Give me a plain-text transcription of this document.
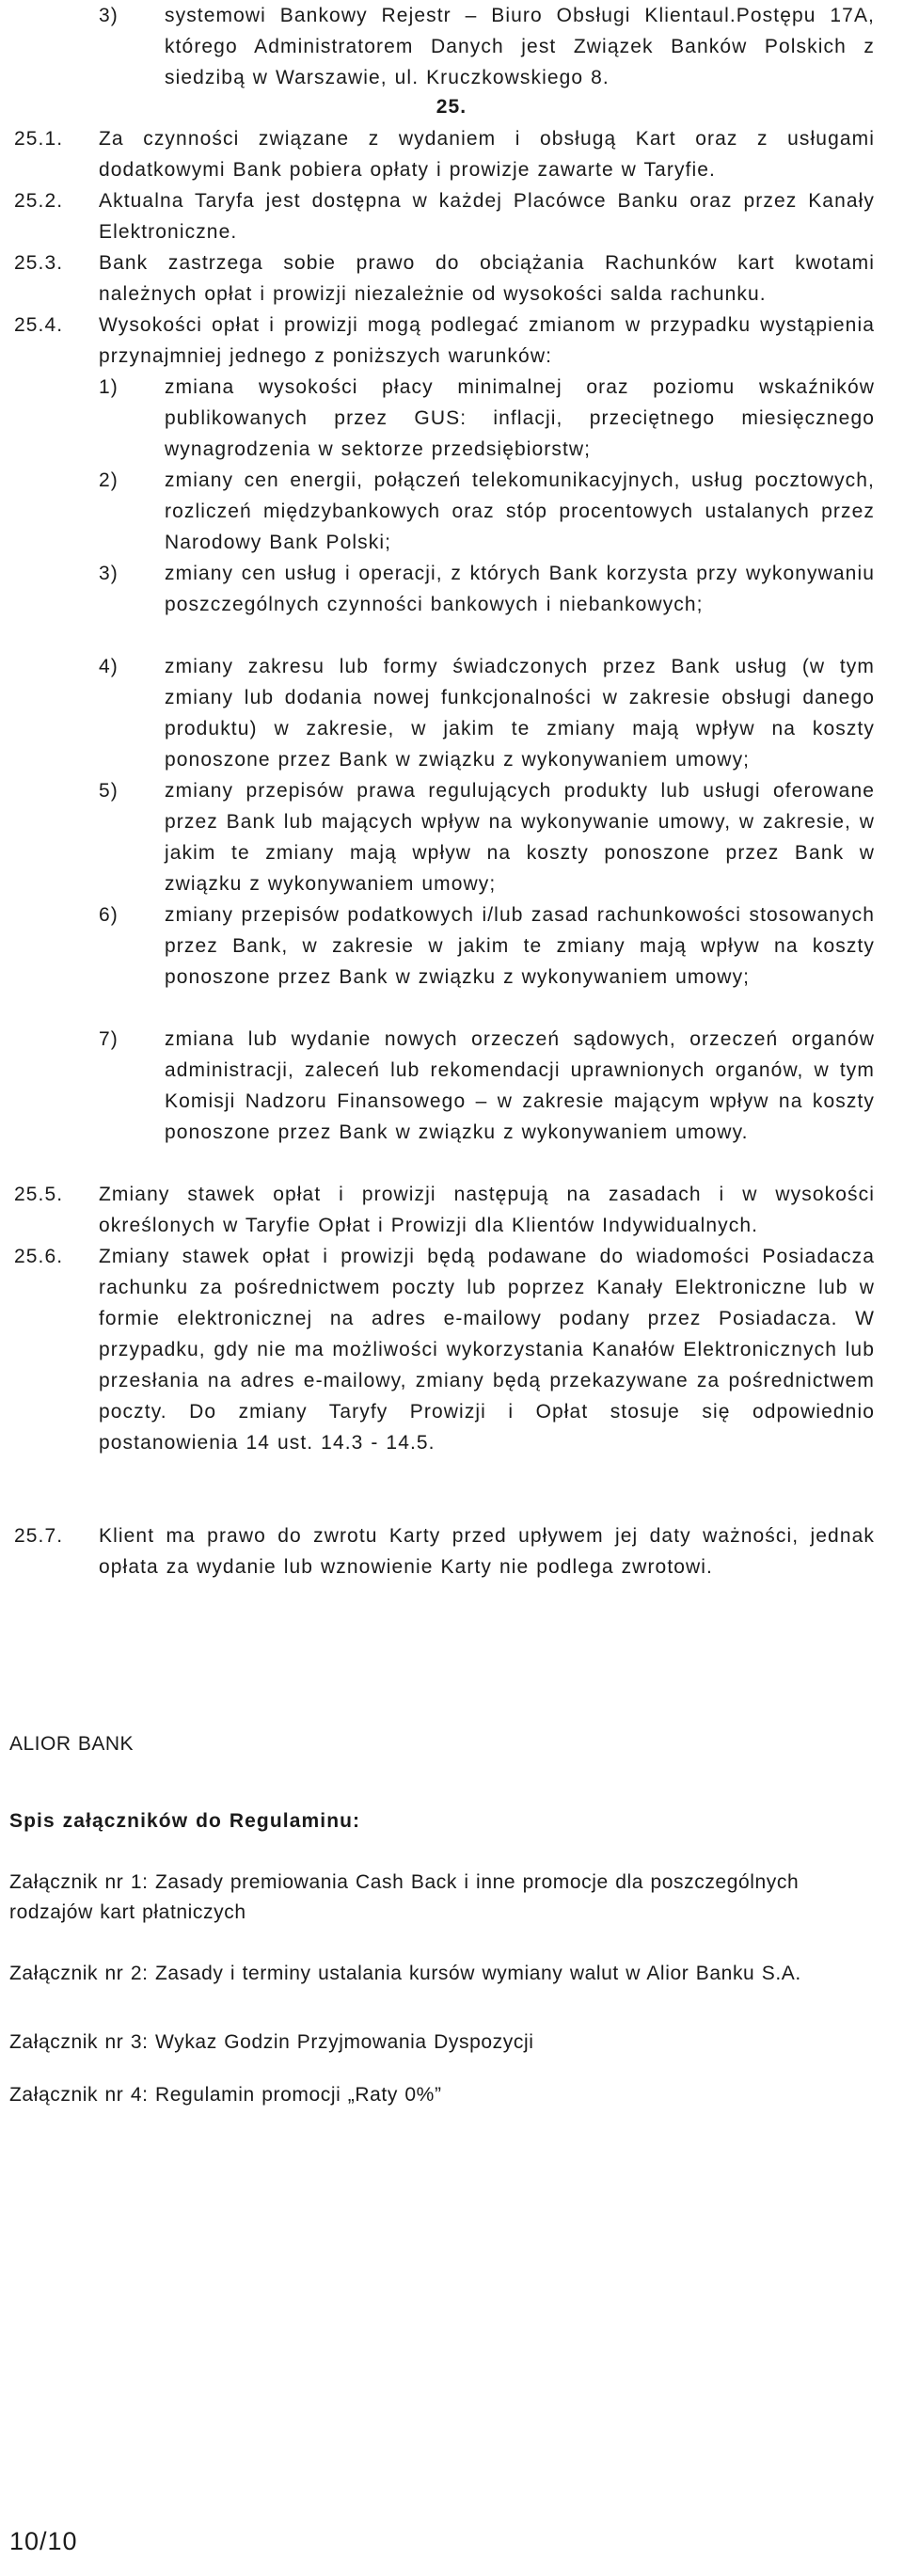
3)	systemowi Bankowy Rejestr – Biuro Obsługi Klientaul.Postępu 17A, którego Administratorem Danych jest Związek Banków Polskich z siedzibą w Warszawie, ul. Kruczkowskiego 8.
25.
25.1.	Za czynności związane z wydaniem i obsługą Kart oraz z usługami dodatkowymi Bank pobiera opłaty i prowizje zawarte w Taryfie.
25.2.	Aktualna Taryfa jest dostępna w każdej Placówce Banku oraz przez Kanały Elektroniczne.
25.3.	Bank zastrzega sobie prawo do obciążania Rachunków kart kwotami należnych opłat i prowizji niezależnie od wysokości salda rachunku.
25.4.	Wysokości opłat i prowizji mogą podlegać zmianom w przypadku wystąpienia przynajmniej jednego z poniższych warunków:
1)	zmiana wysokości płacy minimalnej oraz poziomu wskaźników publikowanych przez GUS: inflacji, przeciętnego miesięcznego wynagrodzenia w sektorze przedsiębiorstw;
2)	zmiany cen energii, połączeń telekomunikacyjnych, usług pocztowych, rozliczeń międzybankowych oraz stóp procentowych ustalanych przez Narodowy Bank Polski;
3)	zmiany cen usług i operacji, z których Bank korzysta przy wykonywaniu poszczególnych czynności bankowych i niebankowych;
4)	zmiany zakresu lub formy świadczonych przez Bank usług (w tym zmiany lub dodania nowej funkcjonalności w zakresie obsługi danego produktu) w zakresie, w jakim te zmiany mają wpływ na koszty ponoszone przez Bank w związku z wykonywaniem umowy;
5)	zmiany przepisów prawa regulujących produkty lub usługi oferowane przez Bank lub mających wpływ na wykonywanie umowy, w zakresie, w jakim te zmiany mają wpływ na koszty ponoszone przez Bank w związku z wykonywaniem umowy;
6)	zmiany przepisów podatkowych i/lub zasad rachunkowości stosowanych przez Bank, w zakresie w jakim te zmiany mają wpływ na koszty ponoszone przez Bank w związku z wykonywaniem umowy;
7)	zmiana lub wydanie nowych orzeczeń sądowych, orzeczeń organów administracji, zaleceń lub rekomendacji uprawnionych organów, w tym Komisji Nadzoru Finansowego – w zakresie mającym wpływ na koszty ponoszone przez Bank w związku z wykonywaniem umowy.
25.5.	Zmiany stawek opłat i prowizji następują na zasadach i w wysokości określonych w Taryfie Opłat i Prowizji dla Klientów Indywidualnych.
25.6.	Zmiany stawek opłat i prowizji będą podawane do wiadomości Posiadacza rachunku za pośrednictwem poczty lub poprzez Kanały Elektroniczne lub w formie elektronicznej na adres e-mailowy podany przez Posiadacza. W przypadku, gdy nie ma możliwości wykorzystania Kanałów Elektronicznych lub przesłania na adres e-mailowy, zmiany będą przekazywane za pośrednictwem poczty. Do zmiany Taryfy Prowizji i Opłat stosuje się odpowiednio postanowienia 14 ust. 14.3 - 14.5.
25.7.	Klient ma prawo do zwrotu Karty przed upływem jej daty ważności, jednak opłata za wydanie lub wznowienie Karty nie podlega zwrotowi.
ALIOR BANK
Spis załączników do Regulaminu:
Załącznik nr 1: Zasady premiowania Cash Back i inne promocje dla poszczególnych rodzajów kart płatniczych
Załącznik nr 2: Zasady i terminy ustalania kursów wymiany walut w Alior Banku S.A.
Załącznik nr 3: Wykaz Godzin Przyjmowania Dyspozycji
Załącznik nr 4: Regulamin promocji „Raty 0%”
10/10
